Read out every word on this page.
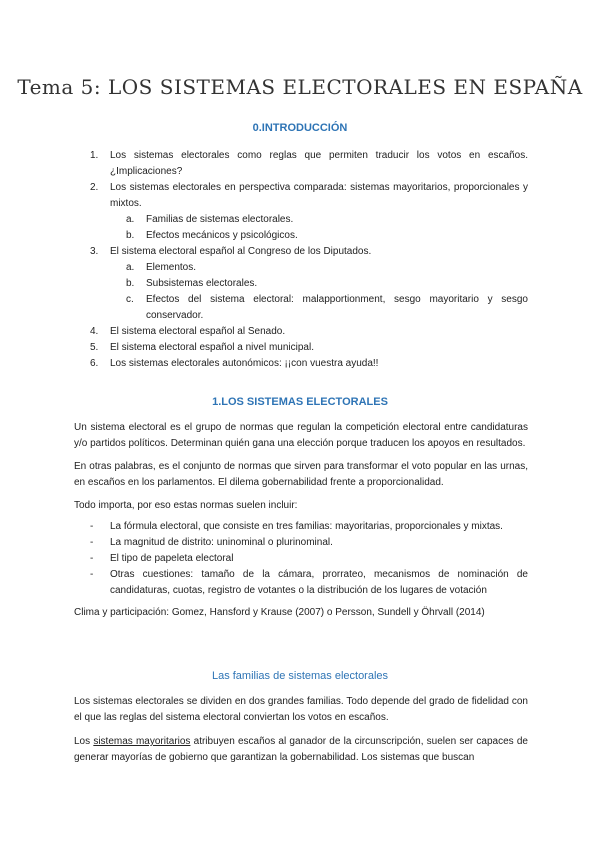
Tema 5: LOS SISTEMAS ELECTORALES EN ESPAÑA
0.INTRODUCCIÓN
1.	Los sistemas electorales como reglas que permiten traducir los votos en escaños. ¿Implicaciones?
2.	Los sistemas electorales en perspectiva comparada: sistemas mayoritarios, proporcionales y mixtos.
a.	Familias de sistemas electorales.
b.	Efectos mecánicos y psicológicos.
3.	El sistema electoral español al Congreso de los Diputados.
a.	Elementos.
b.	Subsistemas electorales.
c.	Efectos del sistema electoral: malapportionment, sesgo mayoritario y sesgo conservador.
4.	El sistema electoral español al Senado.
5.	El sistema electoral español a nivel municipal.
6.	Los sistemas electorales autonómicos: ¡¡con vuestra ayuda!!
1.LOS SISTEMAS ELECTORALES

Un sistema electoral es el grupo de normas que regulan la competición electoral entre candidaturas y/o partidos políticos. Determinan quién gana una elección porque traducen los apoyos en resultados.

En otras palabras, es el conjunto de normas que sirven para transformar el voto popular en las urnas, en escaños en los parlamentos. El dilema gobernabilidad frente a proporcionalidad.

Todo importa, por eso estas normas suelen incluir:

- La fórmula electoral, que consiste en tres familias: mayoritarias, proporcionales y mixtas.
- La magnitud de distrito: uninominal o plurinominal.
- El tipo de papeleta electoral
- Otras cuestiones: tamaño de la cámara, prorrateo, mecanismos de nominación de candidaturas, cuotas, registro de votantes o la distribución de los lugares de votación

Clima y participación: Gomez, Hansford y Krause (2007) o Persson, Sundell y Öhrvall (2014)

Las familias de sistemas electorales

Los sistemas electorales se dividen en dos grandes familias. Todo depende del grado de fidelidad con el que las reglas del sistema electoral conviertan los votos en escaños.

Los sistemas mayoritarios atribuyen escaños al ganador de la circunscripción, suelen ser capaces de generar mayorías de gobierno que garantizan la gobernabilidad. Los sistemas que buscan
